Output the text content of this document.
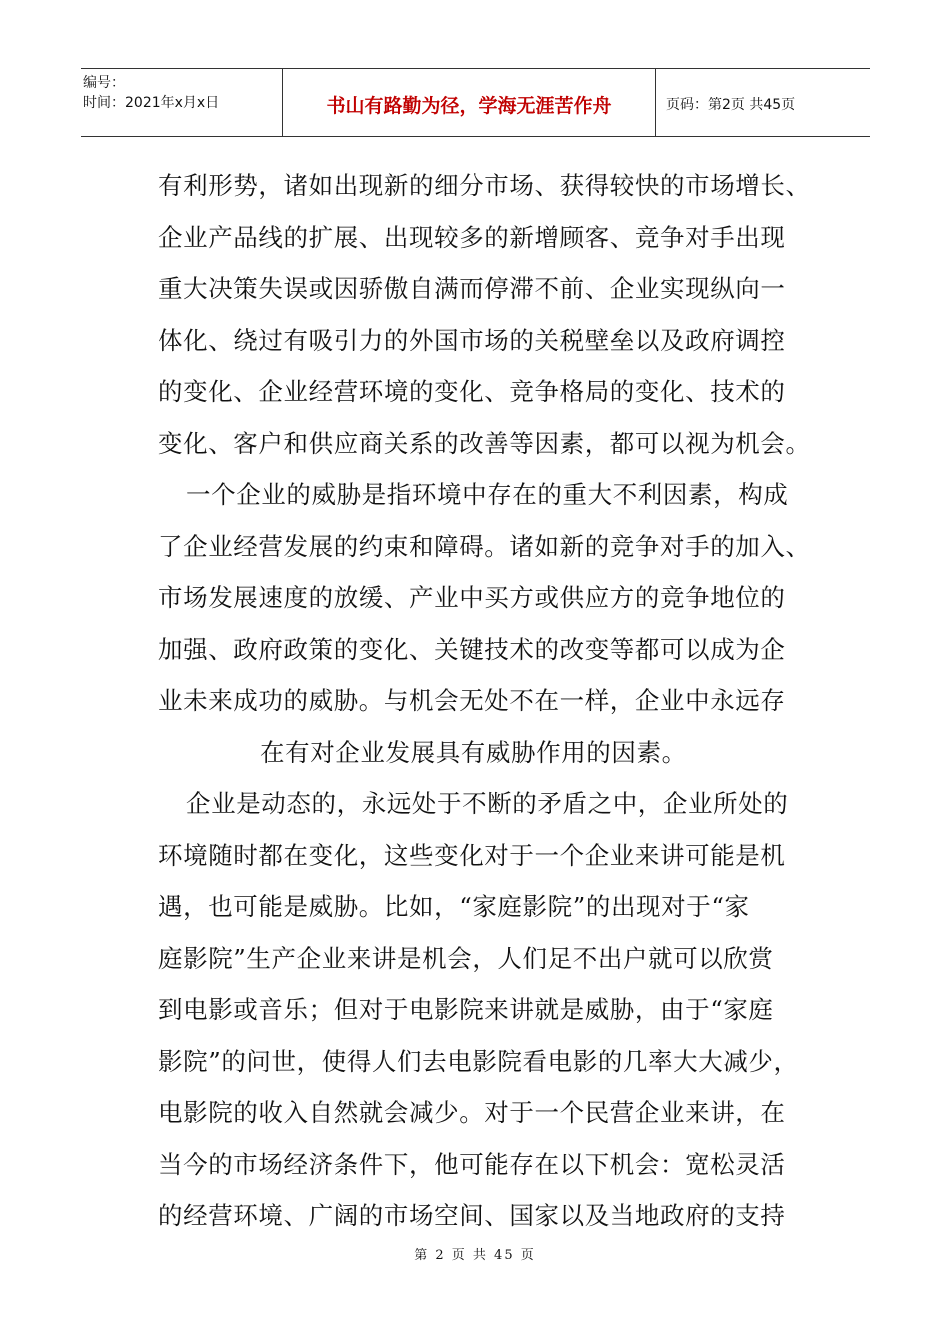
编号：
时间：2021年x月x日	书山有路勤为径，学海无涯苦作舟	页码：第2页 共45页
有利形势，诸如出现新的细分市场、获得较快的市场增长、
企业产品线的扩展、出现较多的新增顾客、竞争对手出现
重大决策失误或因骄傲自满而停滞不前、企业实现纵向一
体化、绕过有吸引力的外国市场的关税壁垒以及政府调控
的变化、企业经营环境的变化、竞争格局的变化、技术的
变化、客户和供应商关系的改善等因素，都可以视为机会。
一个企业的威胁是指环境中存在的重大不利因素，构成
了企业经营发展的约束和障碍。诸如新的竞争对手的加入、
市场发展速度的放缓、产业中买方或供应方的竞争地位的
加强、政府政策的变化、关键技术的改变等都可以成为企
业未来成功的威胁。与机会无处不在一样，企业中永远存
在有对企业发展具有威胁作用的因素。
企业是动态的，永远处于不断的矛盾之中，企业所处的
环境随时都在变化，这些变化对于一个企业来讲可能是机
遇，也可能是威胁。比如，“家庭影院”的出现对于“家
庭影院”生产企业来讲是机会，人们足不出户就可以欣赏
到电影或音乐；但对于电影院来讲就是威胁，由于“家庭
影院”的问世，使得人们去电影院看电影的几率大大减少，
电影院的收入自然就会减少。对于一个民营企业来讲，在
当今的市场经济条件下，他可能存在以下机会：宽松灵活
的经营环境、广阔的市场空间、国家以及当地政府的支持
第 2 页 共 45 页
